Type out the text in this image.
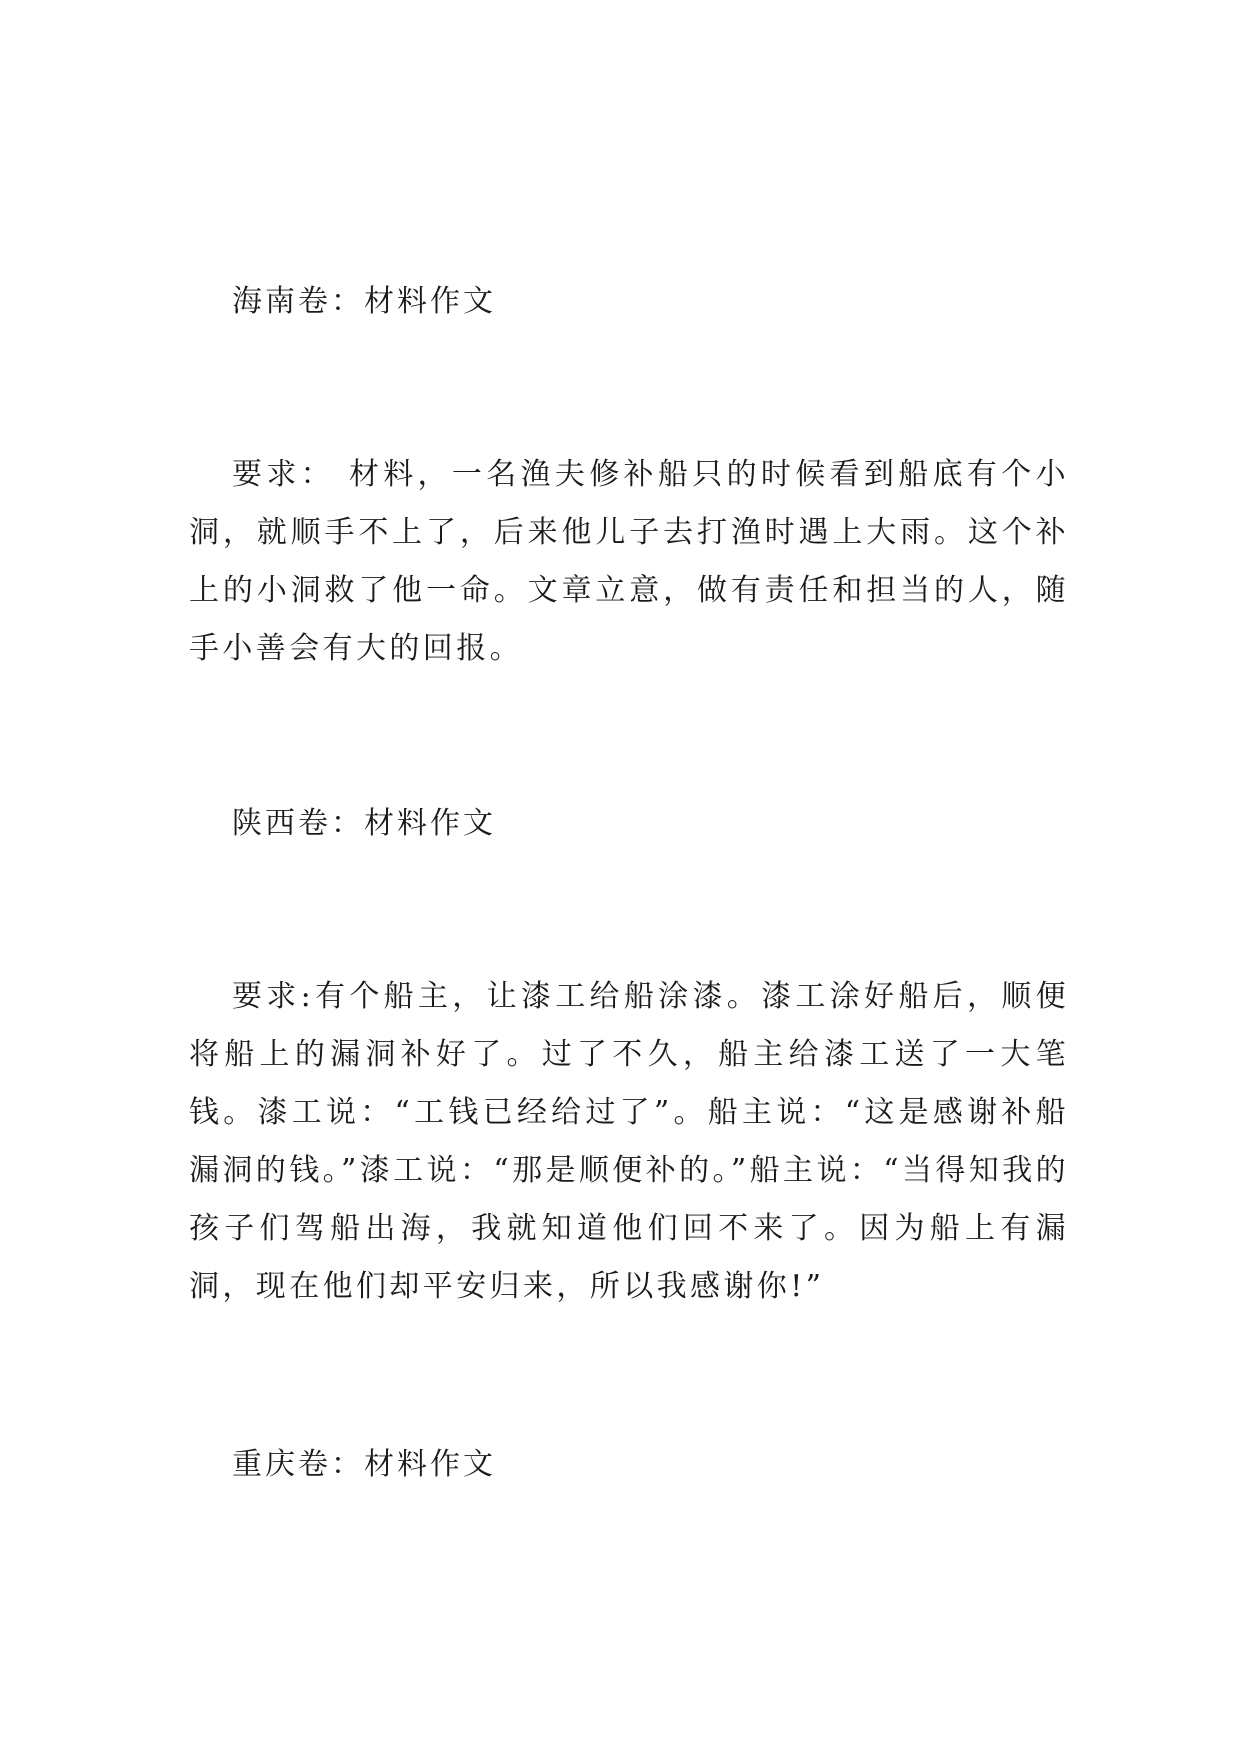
海南卷：材料作文
要求： 材料，一名渔夫修补船只的时候看到船底有个小洞，就顺手不上了，后来他儿子去打渔时遇上大雨。这个补上的小洞救了他一命。文章立意，做有责任和担当的人，随手小善会有大的回报。
陕西卷：材料作文
要求:有个船主，让漆工给船涂漆。漆工涂好船后，顺便将船上的漏洞补好了。过了不久，船主给漆工送了一大笔钱。漆工说：“工钱已经给过了”。船主说：“这是感谢补船漏洞的钱。”漆工说：“那是顺便补的。”船主说：“当得知我的孩子们驾船出海，我就知道他们回不来了。因为船上有漏洞，现在他们却平安归来，所以我感谢你!”
重庆卷：材料作文
